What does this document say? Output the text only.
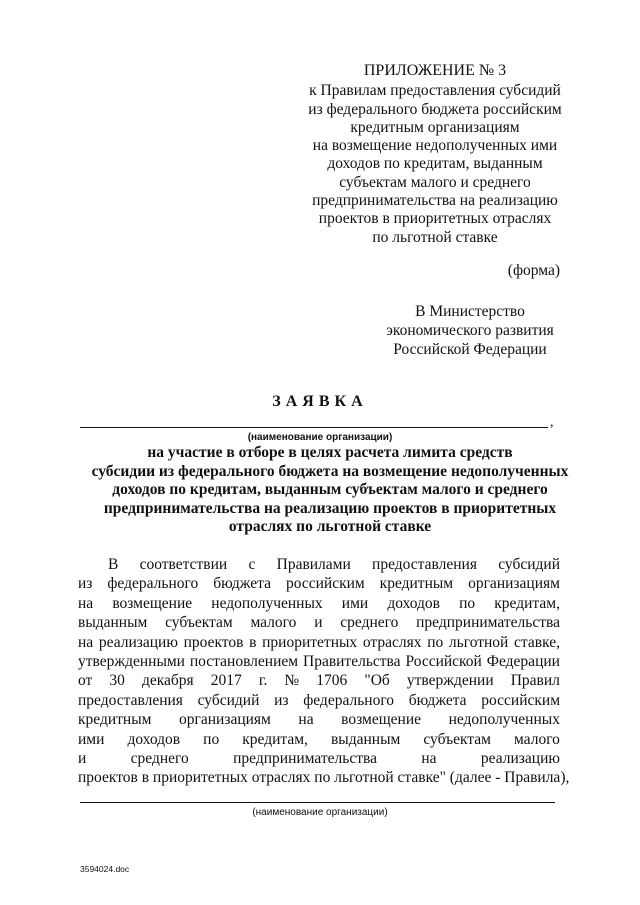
ПРИЛОЖЕНИЕ № 3
к Правилам предоставления субсидий
из федерального бюджета российским
кредитным организациям
на возмещение недополученных ими
доходов по кредитам, выданным
субъектам малого и среднего
предпринимательства на реализацию
проектов в приоритетных отраслях
по льготной ставке
(форма)
В Министерство
экономического развития
Российской Федерации
ЗАЯВКА
,
(наименование организации)
на участие в отборе в целях расчета лимита средств
субсидии из федерального бюджета на возмещение недополученных
доходов по кредитам, выданным субъектам малого и среднего
предпринимательства на реализацию проектов в приоритетных
отраслях по льготной ставке
В соответствии с Правилами предоставления субсидий
из федерального бюджета российским кредитным организациям
на возмещение недополученных ими доходов по кредитам,
выданным субъектам малого и среднего предпринимательства
на реализацию проектов в приоритетных отраслях по льготной ставке,
утвержденными постановлением Правительства Российской Федерации
от 30 декабря 2017 г. № 1706 "Об утверждении Правил
предоставления субсидий из федерального бюджета российским
кредитным организациям на возмещение недополученных
ими доходов по кредитам, выданным субъектам малого
и	среднего	предпринимательства	на	реализацию
проектов в приоритетных отраслях по льготной ставке" (далее - Правила),
(наименование организации)
3594024.doc
